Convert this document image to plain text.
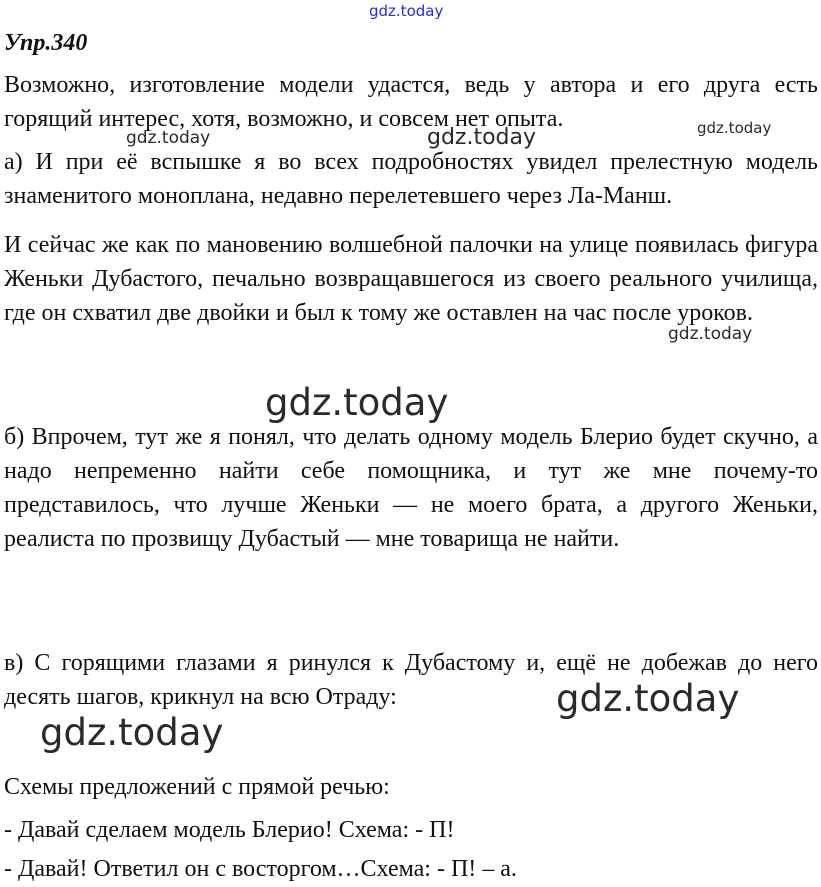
gdz.today
Упр.340
Возможно, изготовление модели удастся, ведь у автора и его друга есть горящий интерес, хотя, возможно, и совсем нет опыта.
а) И при её вспышке я во всех подробностях увидел прелестную модель знаменитого моноплана, недавно перелетевшего через Ла-Манш.
И сейчас же как по мановению волшебной палочки на улице появилась фигура Женьки Дубастого, печально возвращавшегося из своего реального училища, где он схватил две двойки и был к тому же оставлен на час после уроков.
б) Впрочем, тут же я понял, что делать одному модель Блерио будет скучно, а надо непременно найти себе помощника, и тут же мне почему-то представилось, что лучше Женьки — не моего брата, а другого Женьки, реалиста по прозвищу Дубастый — мне товарища не найти.
в) С горящими глазами я ринулся к Дубастому и, ещё не добежав до него десять шагов, крикнул на всю Отраду:
Схемы предложений с прямой речью:
- Давай сделаем модель Блерио! Схема: - П!
- Давай! Ответил он с восторгом…Схема: - П! – а.
gdz.today	gdz.today	gdz.today
gdz.today
gdz.today
gdz.today
gdz.today
